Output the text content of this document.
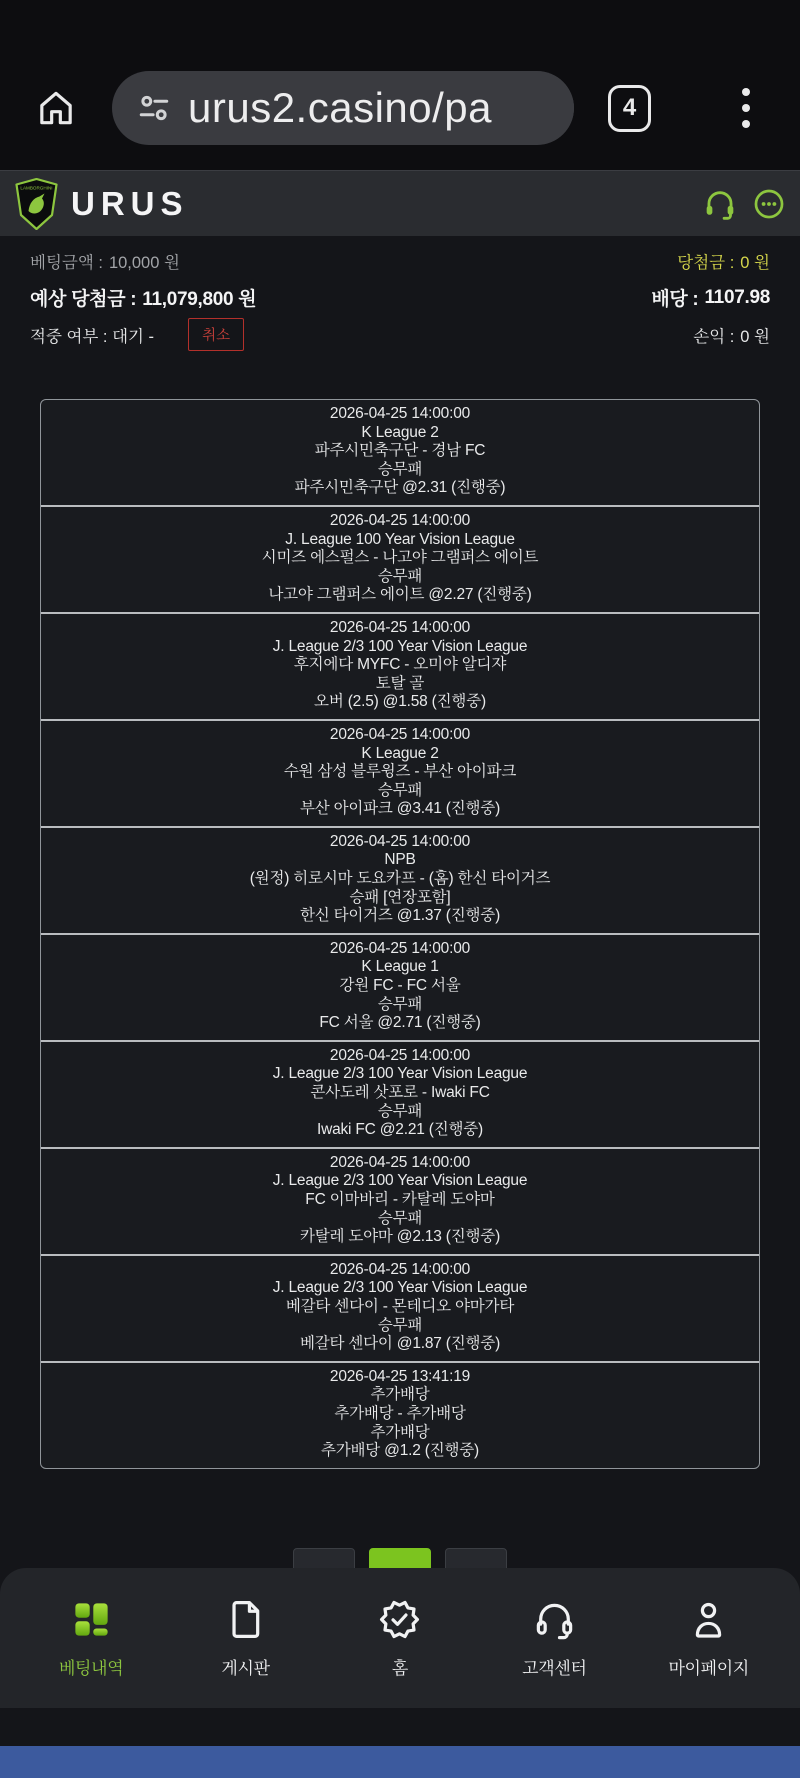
urus2.casino/pa	4
LAMBORGHINI URUS
베팅금액 : 10,000 원	당첨금 : 0 원
예상 당첨금 : 11,079,800 원	배당 : 1107.98
적중 여부 : 대기 -	취소	손익 : 0 원
2026-04-25 14:00:00
K League 2
파주시민축구단 - 경남 FC
승무패
파주시민축구단 @2.31 (진행중)
2026-04-25 14:00:00
J. League 100 Year Vision League
시미즈 에스펄스 - 나고야 그램퍼스 에이트
승무패
나고야 그램퍼스 에이트 @2.27 (진행중)
2026-04-25 14:00:00
J. League 2/3 100 Year Vision League
후지에다 MYFC - 오미야 알디쟈
토탈 골
오버 (2.5) @1.58 (진행중)
2026-04-25 14:00:00
K League 2
수원 삼성 블루윙즈 - 부산 아이파크
승무패
부산 아이파크 @3.41 (진행중)
2026-04-25 14:00:00
NPB
(원정) 히로시마 도요카프 - (홈) 한신 타이거즈
승패 [연장포함]
한신 타이거즈 @1.37 (진행중)
2026-04-25 14:00:00
K League 1
강원 FC - FC 서울
승무패
FC 서울 @2.71 (진행중)
2026-04-25 14:00:00
J. League 2/3 100 Year Vision League
콘사도레 삿포로 - Iwaki FC
승무패
Iwaki FC @2.21 (진행중)
2026-04-25 14:00:00
J. League 2/3 100 Year Vision League
FC 이마바리 - 카탈레 도야마
승무패
카탈레 도야마 @2.13 (진행중)
2026-04-25 14:00:00
J. League 2/3 100 Year Vision League
베갈타 센다이 - 몬테디오 야마가타
승무패
베갈타 센다이 @1.87 (진행중)
2026-04-25 13:41:19
추가배당
추가배당 - 추가배당
추가배당
추가배당 @1.2 (진행중)
베팅내역	게시판	홈	고객센터	마이페이지
